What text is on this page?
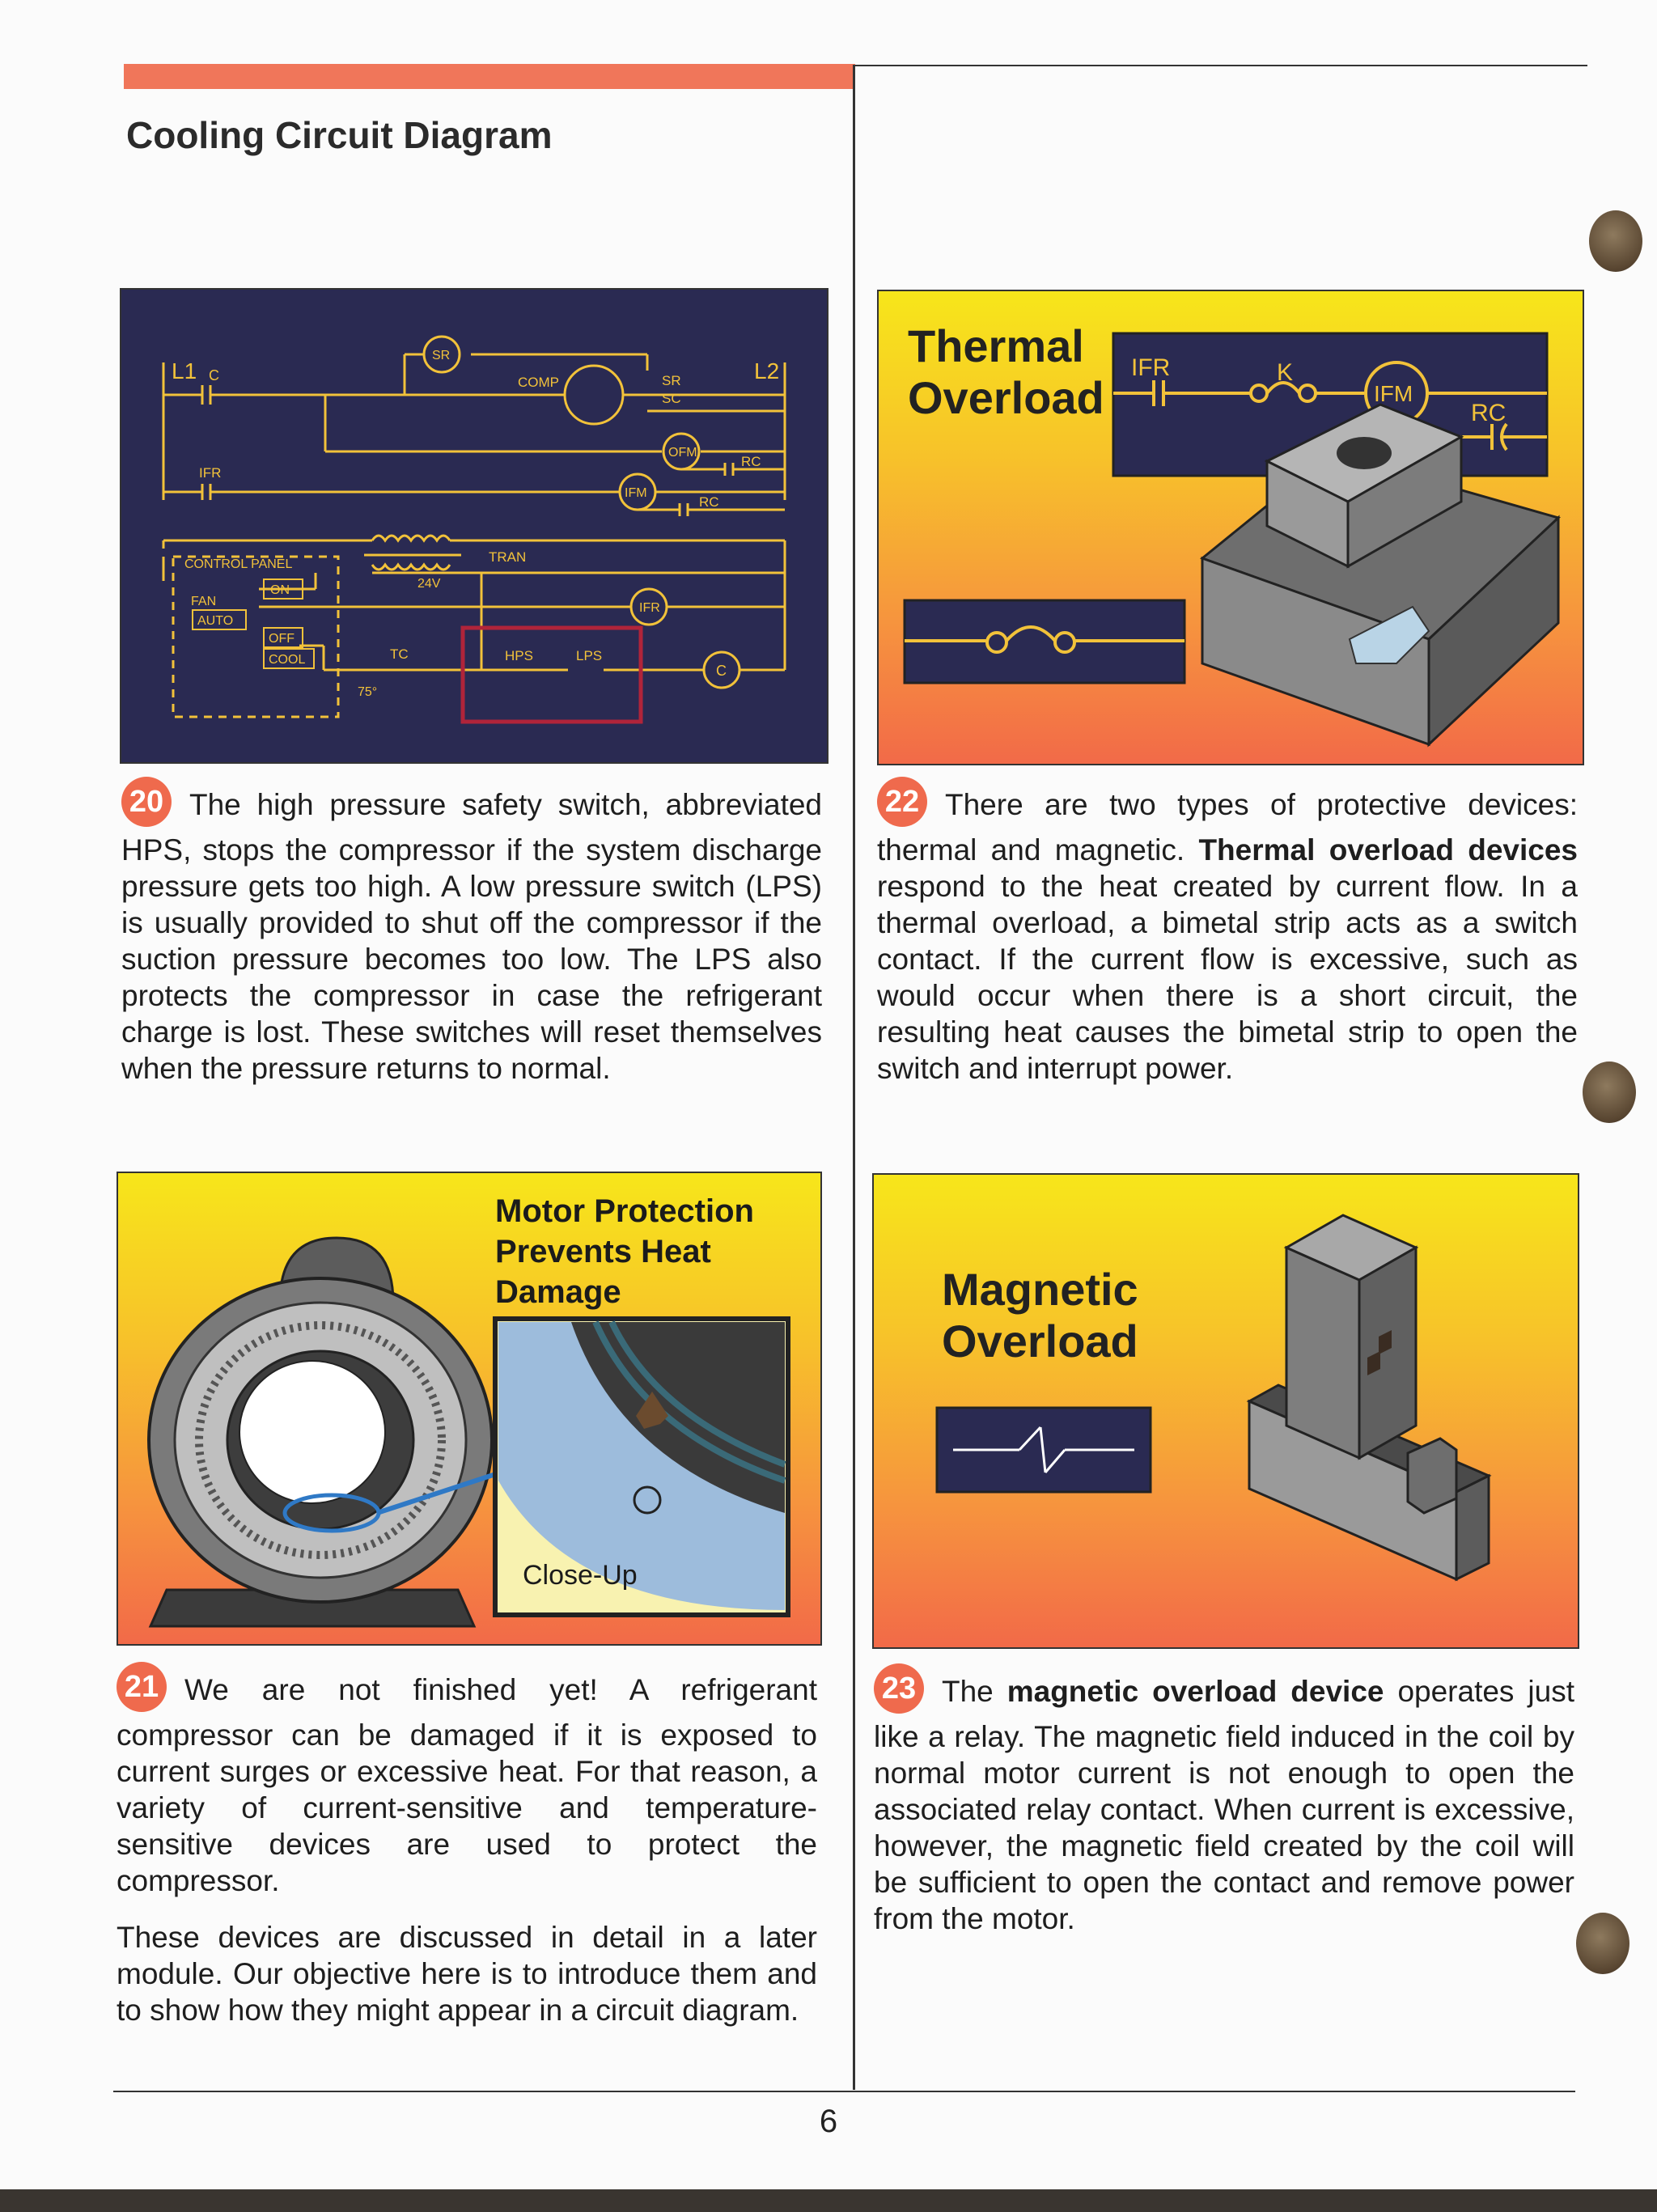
Cooling Circuit Diagram
L1 C	L2
SR
COMP	SR
SC
OFM
IFM
RC
RC
IFR
TRAN
24V
CONTROL PANEL
FAN
ON
AUTO
OFF
COOL	TC
75°
HPS	LPS
IFR
C

20 The high pressure safety switch, abbreviated HPS, stops the compressor if the system discharge pressure gets too high. A low pressure switch (LPS) is usually provided to shut off the compressor if the suction pressure becomes too low. The LPS also protects the compressor in case the refrigerant charge is lost. These switches will reset themselves when the pressure returns to normal.

Motor Protection
Prevents Heat
Damage
Close-Up

21 We are not finished yet! A refrigerant compressor can be damaged if it is exposed to current surges or excessive heat. For that reason, a variety of current-sensitive and temperature-sensitive devices are used to protect the compressor.

These devices are discussed in detail in a later module. Our objective here is to introduce them and to show how they might appear in a circuit diagram.

Thermal
Overload
IFR	K
IFM
RC

22 There are two types of protective devices: thermal and magnetic. Thermal overload devices respond to the heat created by current flow. In a thermal overload, a bimetal strip acts as a switch contact. If the current flow is excessive, such as would occur when there is a short circuit, the resulting heat causes the bimetal strip to open the switch and interrupt power.

Magnetic
Overload

23 The magnetic overload device operates just like a relay. The magnetic field induced in the coil by normal motor current is not enough to open the associated relay contact. When current is excessive, however, the magnetic field created by the coil will be sufficient to open the contact and remove power from the motor.

6
